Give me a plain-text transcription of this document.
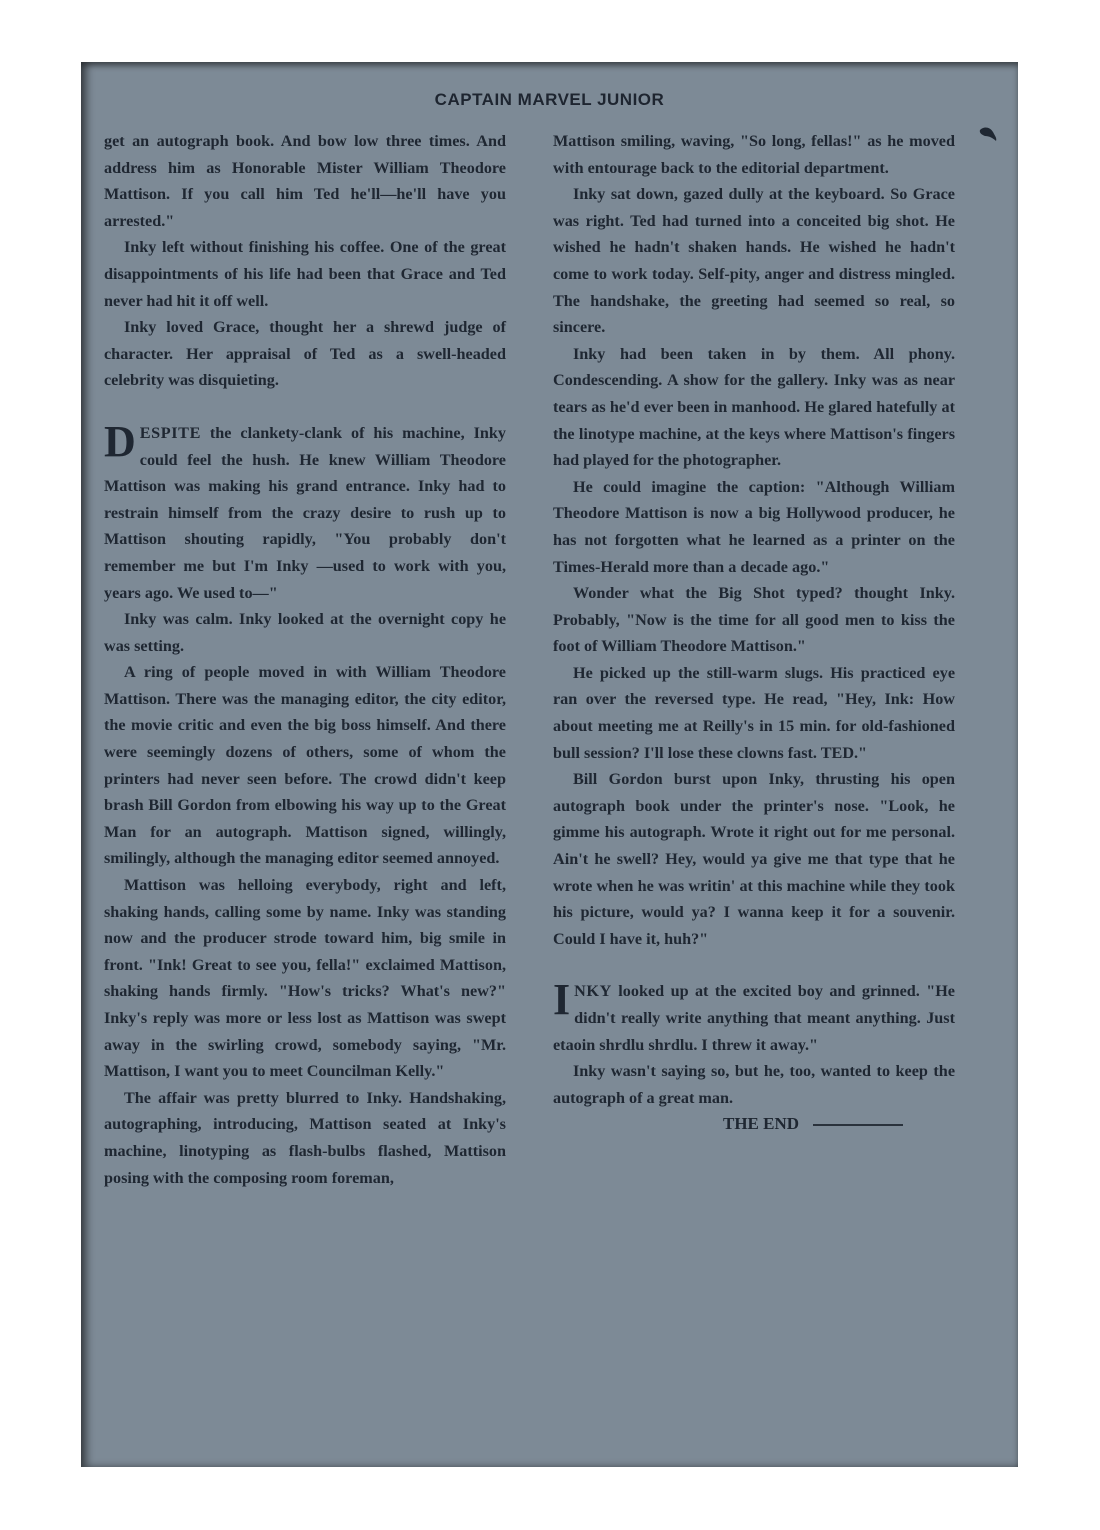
CAPTAIN MARVEL JUNIOR

get an autograph book. And bow low three times. And address him as Honorable Mister William Theodore Mattison. If you call him Ted he'll—he'll have you arrested."

Inky left without finishing his coffee. One of the great disappointments of his life had been that Grace and Ted never had hit it off well.

Inky loved Grace, thought her a shrewd judge of character. Her appraisal of Ted as a swell-headed celebrity was disquieting.

DESPITE the clankety-clank of his machine, Inky could feel the hush. He knew William Theodore Mattison was making his grand entrance. Inky had to restrain himself from the crazy desire to rush up to Mattison shouting rapidly, "You probably don't remember me but I'm Inky —used to work with you, years ago. We used to—"

Inky was calm. Inky looked at the overnight copy he was setting.

A ring of people moved in with William Theodore Mattison. There was the managing editor, the city editor, the movie critic and even the big boss himself. And there were seemingly dozens of others, some of whom the printers had never seen before. The crowd didn't keep brash Bill Gordon from elbowing his way up to the Great Man for an autograph. Mattison signed, willingly, smilingly, although the managing editor seemed annoyed.

Mattison was helloing everybody, right and left, shaking hands, calling some by name. Inky was standing now and the producer strode toward him, big smile in front. "Ink! Great to see you, fella!" exclaimed Mattison, shaking hands firmly. "How's tricks? What's new?" Inky's reply was more or less lost as Mattison was swept away in the swirling crowd, somebody saying, "Mr. Mattison, I want you to meet Councilman Kelly."

The affair was pretty blurred to Inky. Handshaking, autographing, introducing, Mattison seated at Inky's machine, linotyping as flash-bulbs flashed, Mattison posing with the composing room foreman,

Mattison smiling, waving, "So long, fellas!" as he moved with entourage back to the editorial department.

Inky sat down, gazed dully at the keyboard. So Grace was right. Ted had turned into a conceited big shot. He wished he hadn't shaken hands. He wished he hadn't come to work today. Self-pity, anger and distress mingled. The handshake, the greeting had seemed so real, so sincere.

Inky had been taken in by them. All phony. Condescending. A show for the gallery. Inky was as near tears as he'd ever been in manhood. He glared hatefully at the linotype machine, at the keys where Mattison's fingers had played for the photographer.

He could imagine the caption: "Although William Theodore Mattison is now a big Hollywood producer, he has not forgotten what he learned as a printer on the Times-Herald more than a decade ago."

Wonder what the Big Shot typed? thought Inky. Probably, "Now is the time for all good men to kiss the foot of William Theodore Mattison."

He picked up the still-warm slugs. His practiced eye ran over the reversed type. He read, "Hey, Ink: How about meeting me at Reilly's in 15 min. for old-fashioned bull session? I'll lose these clowns fast. TED."

Bill Gordon burst upon Inky, thrusting his open autograph book under the printer's nose. "Look, he gimme his autograph. Wrote it right out for me personal. Ain't he swell? Hey, would ya give me that type that he wrote when he was writin' at this machine while they took his picture, would ya? I wanna keep it for a souvenir. Could I have it, huh?"

INKY looked up at the excited boy and grinned. "He didn't really write anything that meant anything. Just etaoin shrdlu shrdlu. I threw it away."

Inky wasn't saying so, but he, too, wanted to keep the autograph of a great man.

THE END
